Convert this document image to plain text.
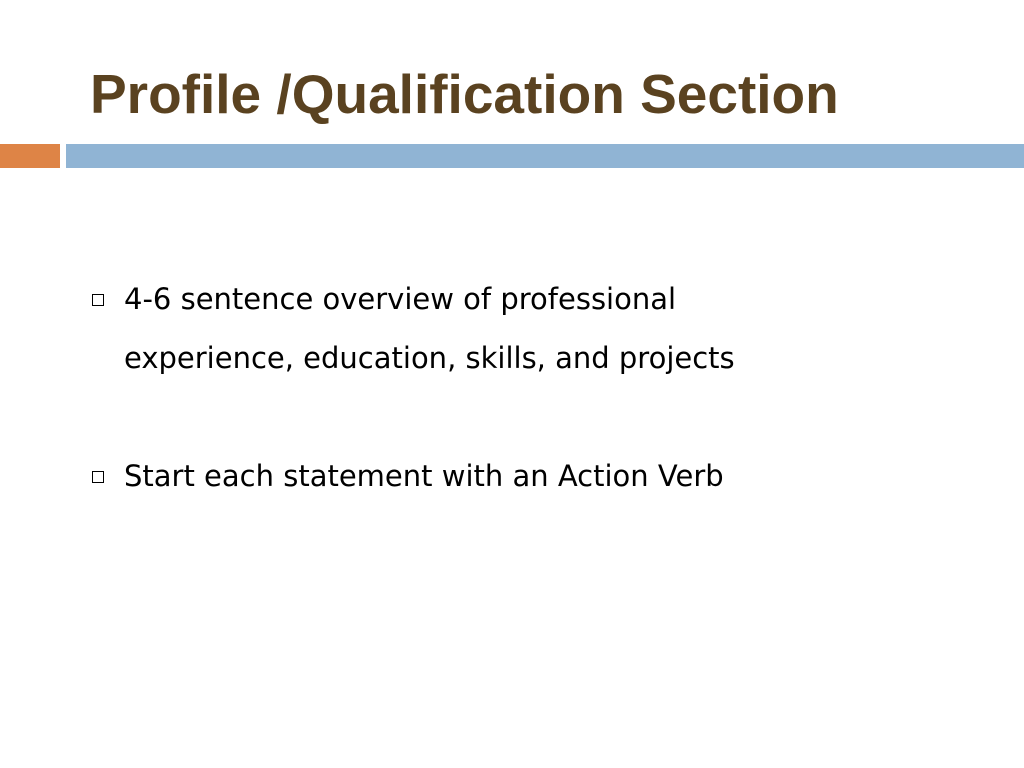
Profile /Qualification Section
4-6 sentence overview of professional experience, education, skills, and projects
Start each statement with an Action Verb
